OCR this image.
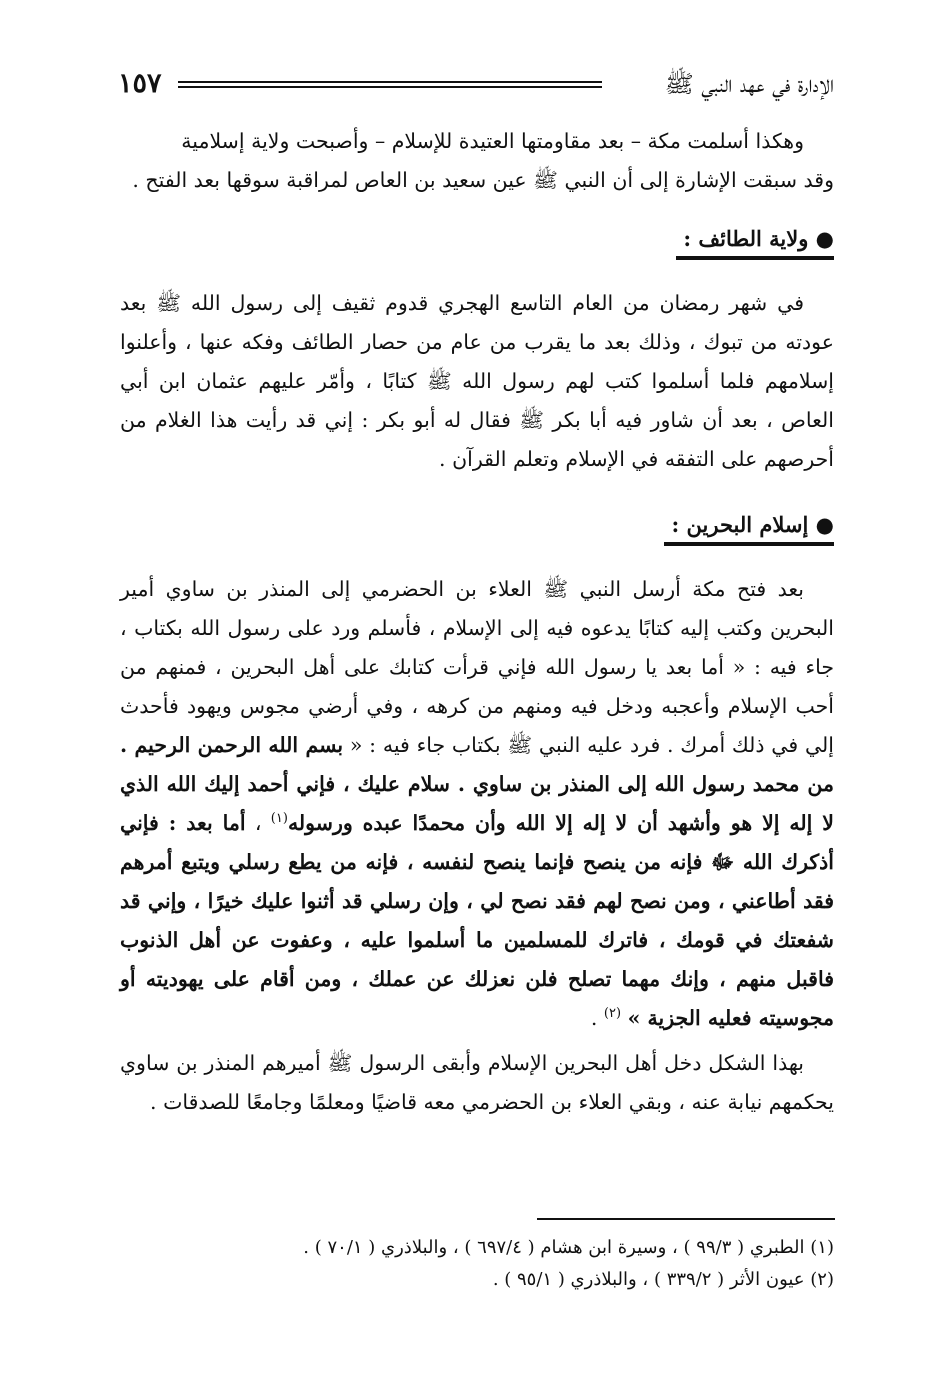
١٥٧	الإدارة في عهد النبي ﷺ

وهكذا أسلمت مكة – بعد مقاومتها العتيدة للإسلام – وأصبحت ولاية إسلامية

وقد سبقت الإشارة إلى أن النبي ﷺ عين سعيد بن العاص لمراقبة سوقها بعد الفتح .

● ولاية الطائف :

في شهر رمضان من العام التاسع الهجري قدوم ثقيف إلى رسول الله ﷺ بعد عودته من تبوك ، وذلك بعد ما يقرب من عام من حصار الطائف وفكه عنها ، وأعلنوا إسلامهم فلما أسلموا كتب لهم رسول الله ﷺ كتابًا ، وأمّر عليهم عثمان ابن أبي العاص ، بعد أن شاور فيه أبا بكر ﷺ فقال له أبو بكر : إني قد رأيت هذا الغلام من أحرصهم على التفقه في الإسلام وتعلم القرآن .

● إسلام البحرين :

بعد فتح مكة أرسل النبي ﷺ العلاء بن الحضرمي إلى المنذر بن ساوي أمير البحرين وكتب إليه كتابًا يدعوه فيه إلى الإسلام ، فأسلم ورد على رسول الله بكتاب ، جاء فيه : « أما بعد يا رسول الله فإني قرأت كتابك على أهل البحرين ، فمنهم من أحب الإسلام وأعجبه ودخل فيه ومنهم من كرهه ، وفي أرضي مجوس ويهود فأحدث إلي في ذلك أمرك . فرد عليه النبي ﷺ بكتاب جاء فيه : « بسم الله الرحمن الرحيم . من محمد رسول الله إلى المنذر بن ساوي . سلام عليك ، فإني أحمد إليك الله الذي لا إله إلا هو وأشهد أن لا إله إلا الله وأن محمدًا عبده ورسوله$^{(١)}$ ، أما بعد : فإني أذكرك الله ﷻ فإنه من ينصح فإنما ينصح لنفسه ، فإنه من يطع رسلي ويتبع أمرهم فقد أطاعني ، ومن نصح لهم فقد نصح لي ، وإن رسلي قد أثنوا عليك خيرًا ، وإني قد شفعتك في قومك ، فاترك للمسلمين ما أسلموا عليه ، وعفوت عن أهل الذنوب فاقبل منهم ، وإنك مهما تصلح فلن نعزلك عن عملك ، ومن أقام على يهوديته أو مجوسيته فعليه الجزية » $^{(٢)}$ .

بهذا الشكل دخل أهل البحرين الإسلام وأبقى الرسول ﷺ أميرهم المنذر بن ساوي يحكمهم نيابة عنه ، وبقي العلاء بن الحضرمي معه قاضيًا ومعلمًا وجامعًا للصدقات .

(١) الطبري ( ٩٩/٣ ) ، وسيرة ابن هشام ( ٦٩٧/٤ ) ، والبلاذري ( ٧٠/١ ) .
(٢) عيون الأثر ( ٣٣٩/٢ ) ، والبلاذري ( ٩٥/١ ) .
